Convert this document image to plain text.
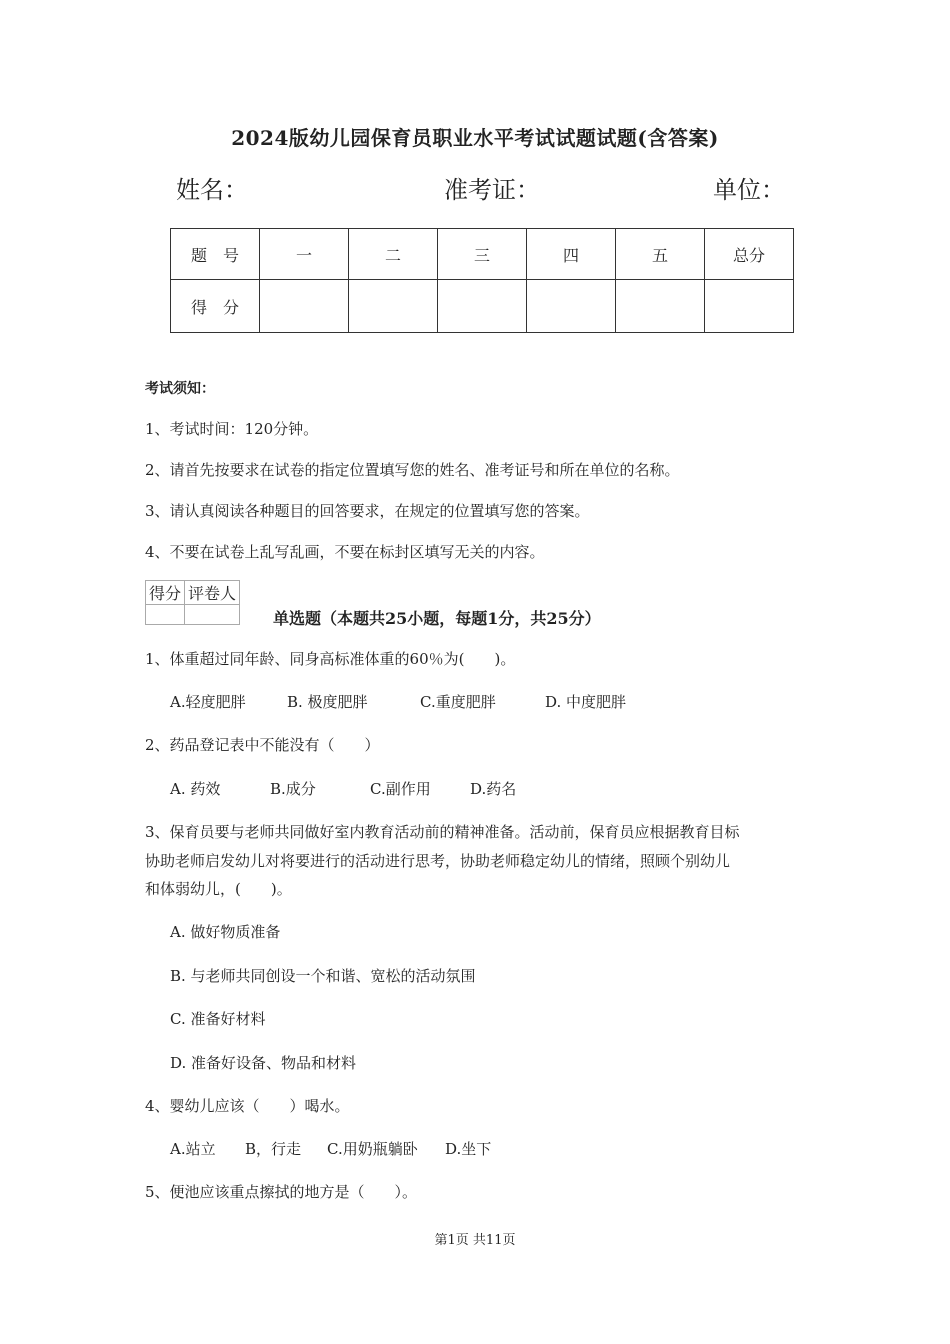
2024版幼儿园保育员职业水平考试试题试题(含答案)
姓名：	准考证：	单位：
题　号	一	二	三	四	五	总分
得　分						
考试须知：
1、考试时间：120分钟。
2、请首先按要求在试卷的指定位置填写您的姓名、准考证号和所在单位的名称。
3、请认真阅读各种题目的回答要求，在规定的位置填写您的答案。
4、不要在试卷上乱写乱画，不要在标封区填写无关的内容。
得分	评卷人

单选题（本题共25小题，每题1分，共25分）
1、体重超过同年龄、同身高标准体重的60％为(　　)。
A.轻度肥胖	B. 极度肥胖	C.重度肥胖	D. 中度肥胖
2、药品登记表中不能没有（　　）
A. 药效	B.成分	C.副作用	D.药名
3、保育员要与老师共同做好室内教育活动前的精神准备。活动前，保育员应根据教育目标
协助老师启发幼儿对将要进行的活动进行思考，协助老师稳定幼儿的情绪，照顾个别幼儿
和体弱幼儿，(　　)。
A. 做好物质准备
B. 与老师共同创设一个和谐、宽松的活动氛围
C. 准备好材料
D. 准备好设备、物品和材料
4、婴幼儿应该（　　）喝水。
A.站立 B，行走 C.用奶瓶躺卧 D.坐下
5、便池应该重点擦拭的地方是（　　）。
第1页 共11页
